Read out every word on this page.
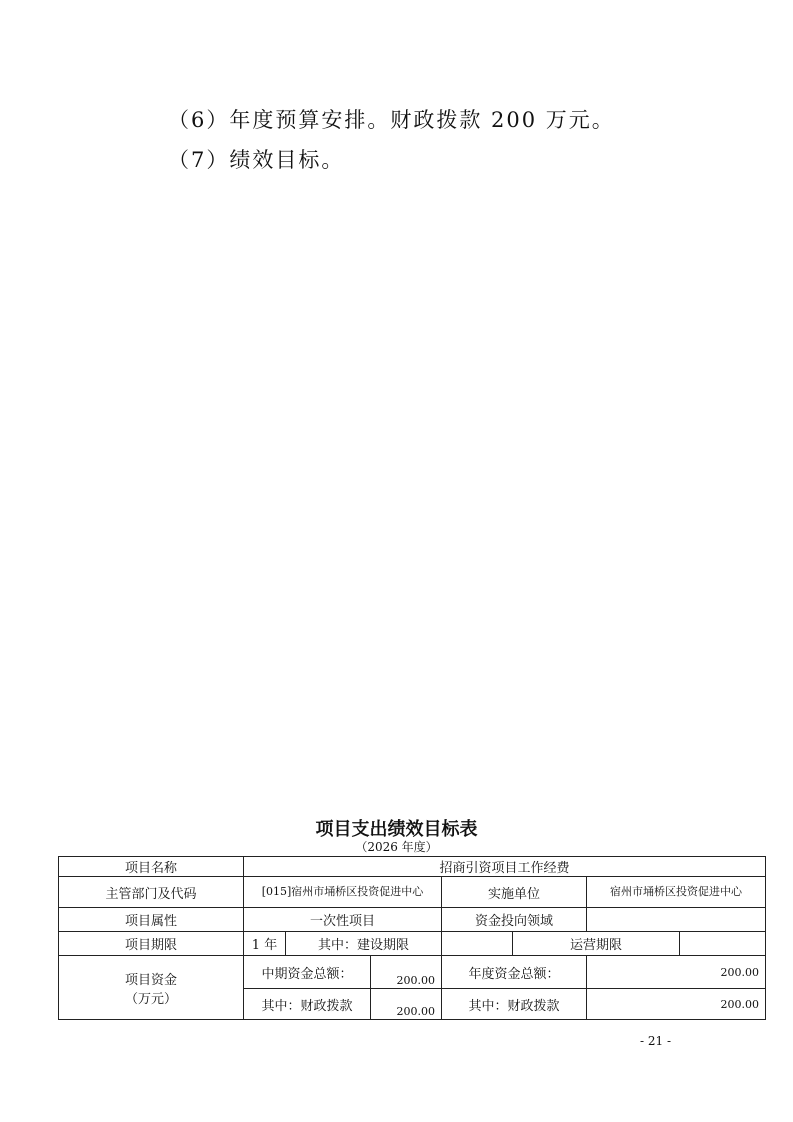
（6）年度预算安排。财政拨款 200 万元。
（7）绩效目标。
项目支出绩效目标表
（2026 年度）
项目名称	招商引资项目工作经费						
主管部门及代码	[015]宿州市埇桥区投资促进中心			实施单位		宿州市埇桥区投资促进中心	
项目属性	一次性项目			资金投向领域			
项目期限	1 年	其中：建设期限			运营期限		

项目资金
（万元）	中期资金总额：		200.00	年度资金总额：		200.00	
	其中：财政拨款		200.00	其中：财政拨款		200.00	
- 21 -
